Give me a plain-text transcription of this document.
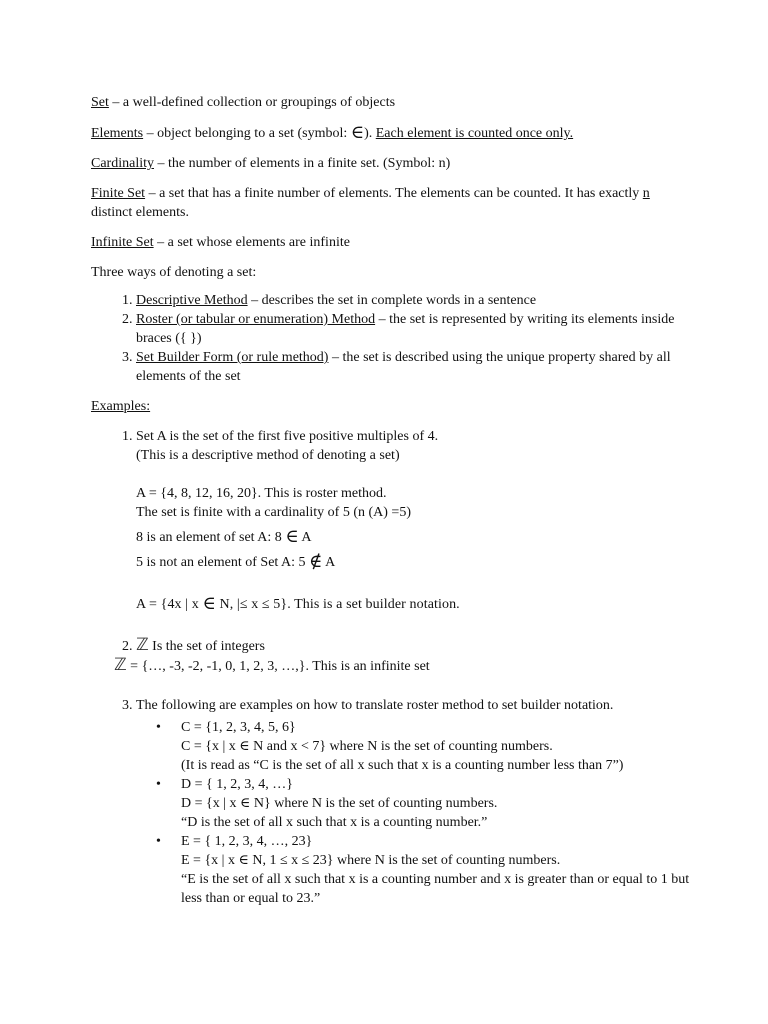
Set – a well-defined collection or groupings of objects

Elements – object belonging to a set (symbol: ∈). Each element is counted once only.

Cardinality – the number of elements in a finite set. (Symbol: n)

Finite Set – a set that has a finite number of elements. The elements can be counted. It has exactly n distinct elements.

Infinite Set – a set whose elements are infinite

Three ways of denoting a set:

1. Descriptive Method – describes the set in complete words in a sentence
2. Roster (or tabular or enumeration) Method – the set is represented by writing its elements inside braces ({ })
3. Set Builder Form (or rule method) – the set is described using the unique property shared by all elements of the set

Examples:

1. Set A is the set of the first five positive multiples of 4.
(This is a descriptive method of denoting a set)
A = {4, 8, 12, 16, 20}. This is roster method.
The set is finite with a cardinality of 5 (n (A) =5)
8 is an element of set A: 8 ∈ A
5 is not an element of Set A: 5 ∉ A
A = {4x | x ∈ N, |≤ x ≤ 5}. This is a set builder notation.
2. ℤ Is the set of integers
ℤ = {…, -3, -2, -1, 0, 1, 2, 3, …,}. This is an infinite set
3. The following are examples on how to translate roster method to set builder notation.
• C = {1, 2, 3, 4, 5, 6}
C = {x | x ∈ N and x < 7} where N is the set of counting numbers.
(It is read as “C is the set of all x such that x is a counting number less than 7”)
• D = { 1, 2, 3, 4, …}
D = {x | x ∈ N} where N is the set of counting numbers.
“D is the set of all x such that x is a counting number.”
• E = { 1, 2, 3, 4, …, 23}
E = {x | x ∈ N, 1 ≤ x ≤ 23} where N is the set of counting numbers.
“E is the set of all x such that x is a counting number and x is greater than or equal to 1 but less than or equal to 23.”
